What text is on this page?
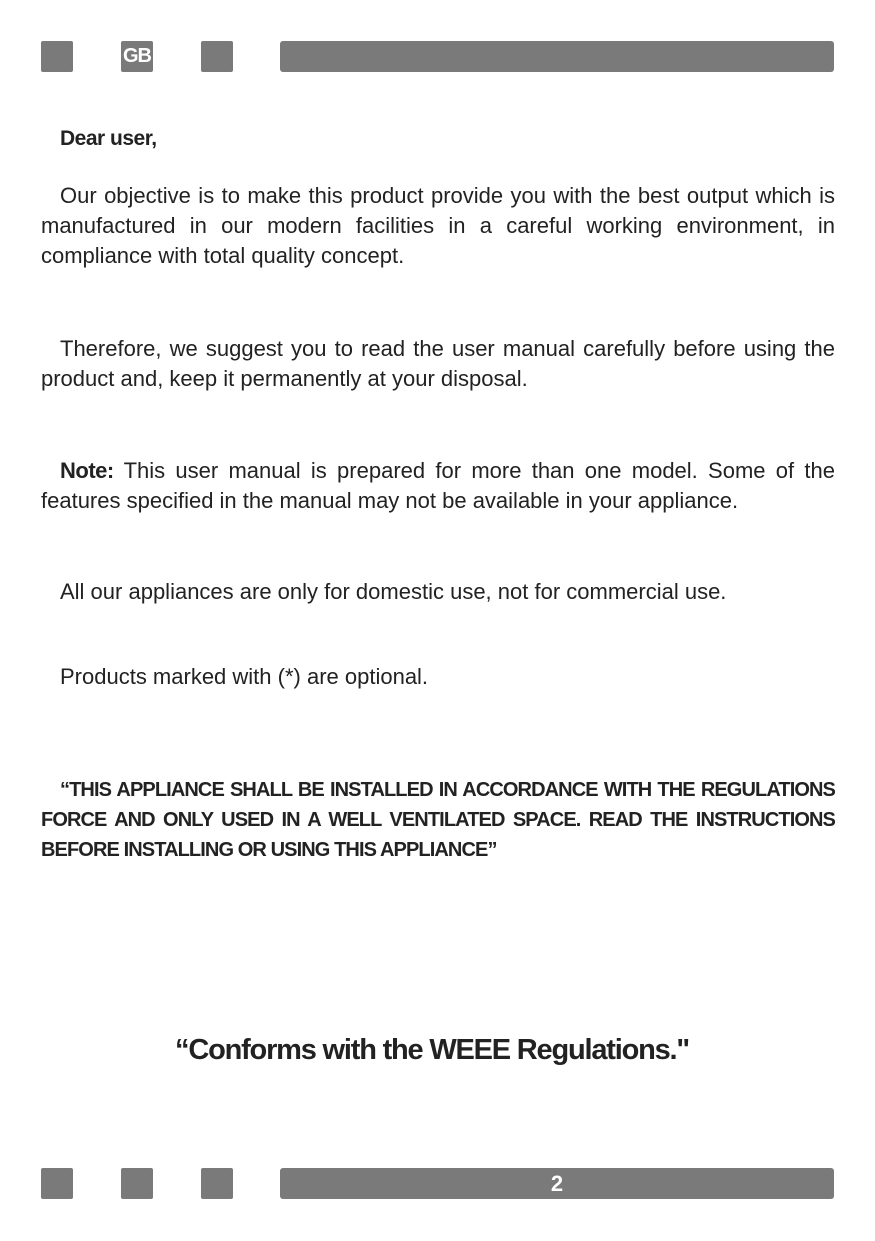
GB
Dear user,

Our objective is to make this product provide you with the best output which is manufactured in our modern facilities in a careful working environment, in compliance with total quality concept.

Therefore, we suggest you to read the user manual carefully before using the product and, keep it permanently at your disposal.

Note: This user manual is prepared for more than one model. Some of the features specified in the manual may not be available in your appliance.

All our appliances are only for domestic use, not for commercial use.

Products marked with (*) are optional.

“THIS APPLIANCE SHALL BE INSTALLED IN ACCORDANCE WITH THE REGULATIONS FORCE AND ONLY USED IN A WELL VENTILATED SPACE. READ THE INSTRUCTIONS BEFORE INSTALLING OR USING THIS APPLIANCE”

“Conforms with the WEEE Regulations."
2
